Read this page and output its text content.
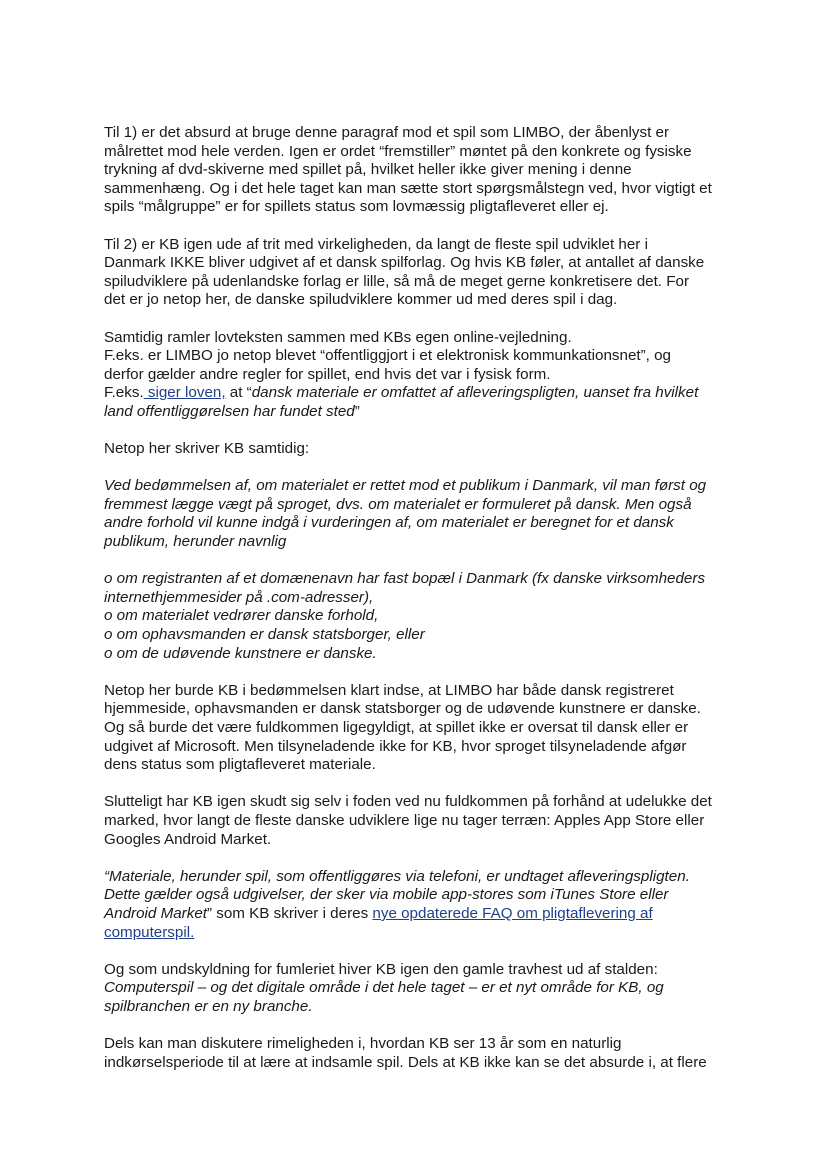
Til 1) er det absurd at bruge denne paragraf mod et spil som LIMBO, der åbenlyst er
målrettet mod hele verden. Igen er ordet “fremstiller” møntet på den konkrete og fysiske
trykning af dvd-skiverne med spillet på, hvilket heller ikke giver mening i denne
sammenhæng. Og i det hele taget kan man sætte stort spørgsmålstegn ved, hvor vigtigt et
spils “målgruppe” er for spillets status som lovmæssig pligtafleveret eller ej.

Til 2) er KB igen ude af trit med virkeligheden, da langt de fleste spil udviklet her i
Danmark IKKE bliver udgivet af et dansk spilforlag. Og hvis KB føler, at antallet af danske
spiludviklere på udenlandske forlag er lille, så må de meget gerne konkretisere det. For
det er jo netop her, de danske spiludviklere kommer ud med deres spil i dag.

Samtidig ramler lovteksten sammen med KBs egen online-vejledning.
F.eks. er LIMBO jo netop blevet “offentliggjort i et elektronisk kommunkationsnet”, og
derfor gælder andre regler for spillet, end hvis det var i fysisk form.
F.eks. siger loven, at “dansk materiale er omfattet af afleveringspligten, uanset fra hvilket
land offentliggørelsen har fundet sted”

Netop her skriver KB samtidig:

Ved bedømmelsen af, om materialet er rettet mod et publikum i Danmark, vil man først og
fremmest lægge vægt på sproget, dvs. om materialet er formuleret på dansk. Men også
andre forhold vil kunne indgå i vurderingen af, om materialet er beregnet for et dansk
publikum, herunder navnlig

o om registranten af et domænenavn har fast bopæl i Danmark (fx danske virksomheders
internethjemmesider på .com-adresser),
o om materialet vedrører danske forhold,
o om ophavsmanden er dansk statsborger, eller
o om de udøvende kunstnere er danske.

Netop her burde KB i bedømmelsen klart indse, at LIMBO har både dansk registreret
hjemmeside, ophavsmanden er dansk statsborger og de udøvende kunstnere er danske.
Og så burde det være fuldkommen ligegyldigt, at spillet ikke er oversat til dansk eller er
udgivet af Microsoft. Men tilsyneladende ikke for KB, hvor sproget tilsyneladende afgør
dens status som pligtafleveret materiale.

Slutteligt har KB igen skudt sig selv i foden ved nu fuldkommen på forhånd at udelukke det
marked, hvor langt de fleste danske udviklere lige nu tager terræn: Apples App Store eller
Googles Android Market.

“Materiale, herunder spil, som offentliggøres via telefoni, er undtaget afleveringspligten.
Dette gælder også udgivelser, der sker via mobile app-stores som iTunes Store eller
Android Market” som KB skriver i deres nye opdaterede FAQ om pligtaflevering af
computerspil.

Og som undskyldning for fumleriet hiver KB igen den gamle travhest ud af stalden:
Computerspil – og det digitale område i det hele taget – er et nyt område for KB, og
spilbranchen er en ny branche.

Dels kan man diskutere rimeligheden i, hvordan KB ser 13 år som en naturlig
indkørselsperiode til at lære at indsamle spil. Dels at KB ikke kan se det absurde i, at flere
